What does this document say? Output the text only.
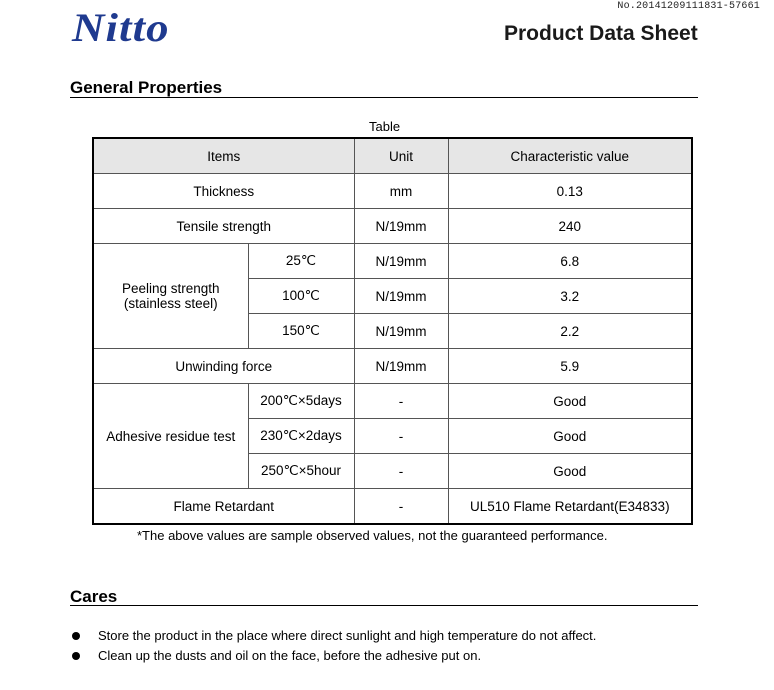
No.20141209111831-57661
Nitto	Product Data Sheet
General Properties
Table
Items		Unit	Characteristic value
Thickness		mm	0.13
Tensile strength		N/19mm	240
Peeling strength
(stainless steel)	25℃	N/19mm	6.8
	100℃	N/19mm	3.2
	150℃	N/19mm	2.2
Unwinding force		N/19mm	5.9
Adhesive residue test	200℃×5days	-	Good
	230℃×2days	-	Good
	250℃×5hour	-	Good
Flame Retardant		-	UL510 Flame Retardant(E34833)
*The above values are sample observed values, not the guaranteed performance.
Cares
Store the product in the place where direct sunlight and high temperature do not affect.
Clean up the dusts and oil on the face, before the adhesive put on.
